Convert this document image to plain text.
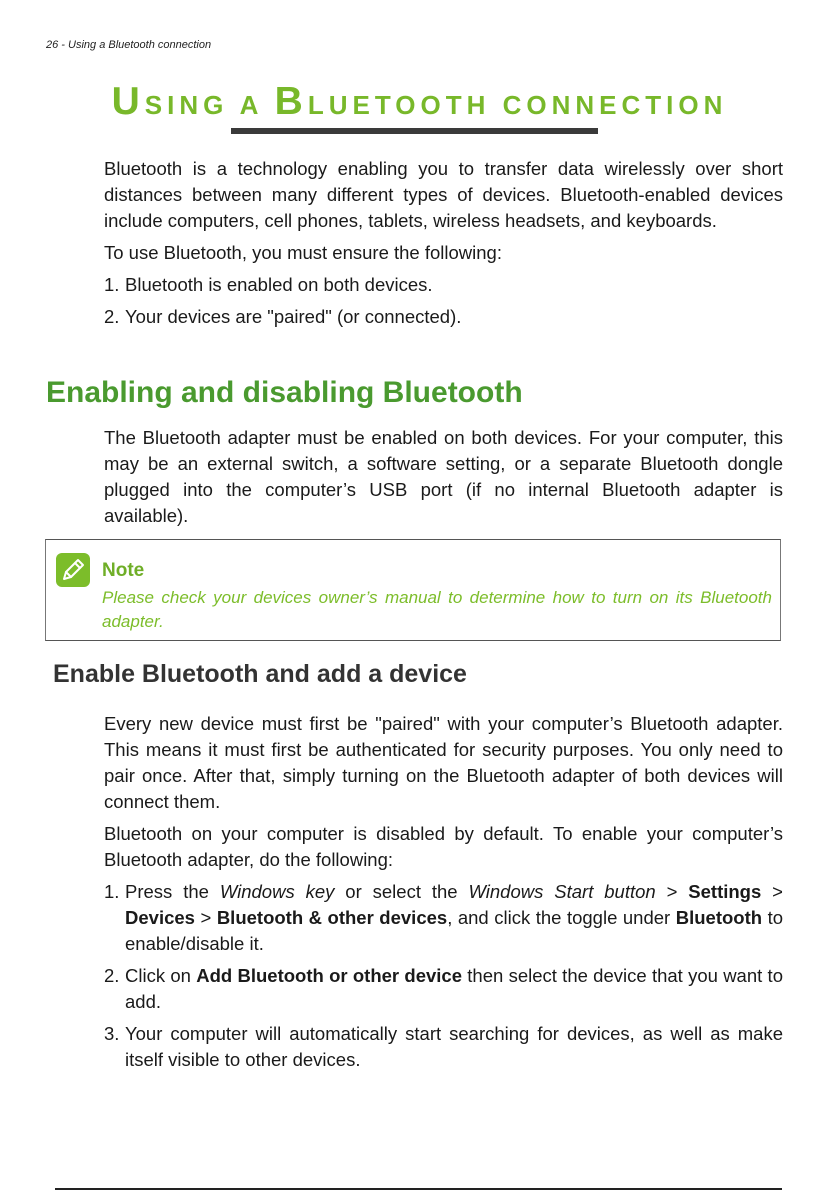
26 - Using a Bluetooth connection
USING A BLUETOOTH CONNECTION
Bluetooth is a technology enabling you to transfer data wirelessly over short distances between many different types of devices. Bluetooth-enabled devices include computers, cell phones, tablets, wireless headsets, and keyboards.
To use Bluetooth, you must ensure the following:
1. Bluetooth is enabled on both devices.
2. Your devices are "paired" (or connected).
Enabling and disabling Bluetooth
The Bluetooth adapter must be enabled on both devices. For your computer, this may be an external switch, a software setting, or a separate Bluetooth dongle plugged into the computer’s USB port (if no internal Bluetooth adapter is available).
Note
Please check your devices owner’s manual to determine how to turn on its Bluetooth adapter.
Enable Bluetooth and add a device
Every new device must first be "paired" with your computer’s Bluetooth adapter. This means it must first be authenticated for security purposes. You only need to pair once. After that, simply turning on the Bluetooth adapter of both devices will connect them.
Bluetooth on your computer is disabled by default. To enable your computer’s Bluetooth adapter, do the following:
1. Press the Windows key or select the Windows Start button > Settings > Devices > Bluetooth & other devices, and click the toggle under Bluetooth to enable/disable it.
2. Click on Add Bluetooth or other device then select the device that you want to add.
3. Your computer will automatically start searching for devices, as well as make itself visible to other devices.
